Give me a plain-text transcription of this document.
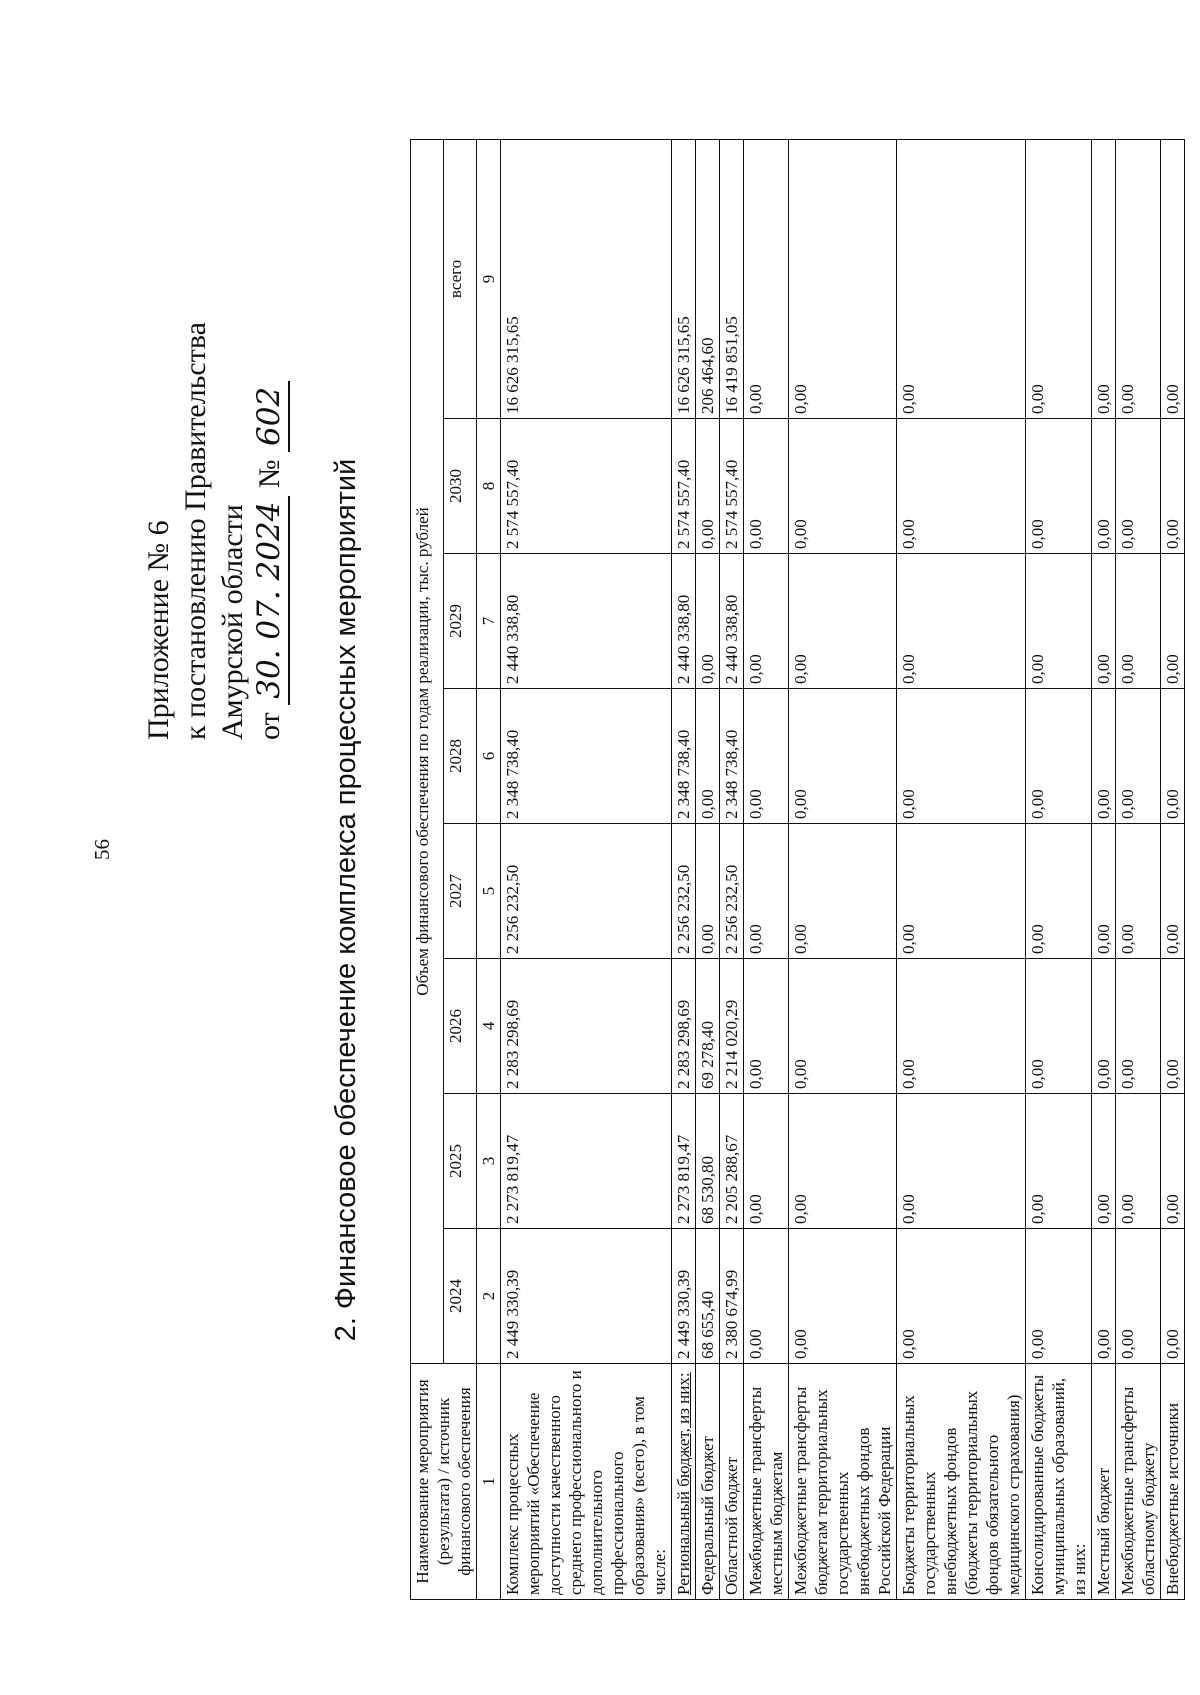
56
Приложение № 6 к постановлению Правительства Амурской области от 30. 07. 2024 № 602
2. Финансовое обеспечение комплекса процессных мероприятий
Наименование мероприятия (результата) / источник финансового обеспечения	Объем финансового обеспечения по годам реализации, тыс. рублей							
	2024	2025	2026	2027	2028	2029	2030	всего
1	2	3	4	5	6	7	8	9
Комплекс процессных мероприятий «Обеспечение доступности качественного среднего профессионального и дополнительного профессионального образования» (всего), в том числе:	2 449 330,39	2 273 819,47	2 283 298,69	2 256 232,50	2 348 738,40	2 440 338,80	2 574 557,40	16 626 315,65
Региональный бюджет, из них:	2 449 330,39	2 273 819,47	2 283 298,69	2 256 232,50	2 348 738,40	2 440 338,80	2 574 557,40	16 626 315,65
Федеральный бюджет	68 655,40	68 530,80	69 278,40	0,00	0,00	0,00	0,00	206 464,60
Областной бюджет	2 380 674,99	2 205 288,67	2 214 020,29	2 256 232,50	2 348 738,40	2 440 338,80	2 574 557,40	16 419 851,05
Межбюджетные трансферты местным бюджетам	0,00	0,00	0,00	0,00	0,00	0,00	0,00	0,00
Межбюджетные трансферты бюджетам территориальных государственных внебюджетных фондов Российской Федерации	0,00	0,00	0,00	0,00	0,00	0,00	0,00	0,00
Бюджеты территориальных государственных внебюджетных фондов (бюджеты территориальных фондов обязательного медицинского страхования)	0,00	0,00	0,00	0,00	0,00	0,00	0,00	0,00
Консолидированные бюджеты муниципальных образований, из них:	0,00	0,00	0,00	0,00	0,00	0,00	0,00	0,00
Местный бюджет	0,00	0,00	0,00	0,00	0,00	0,00	0,00	0,00
Межбюджетные трансферты областному бюджету	0,00	0,00	0,00	0,00	0,00	0,00	0,00	0,00
Внебюджетные источники	0,00	0,00	0,00	0,00	0,00	0,00	0,00	0,00
